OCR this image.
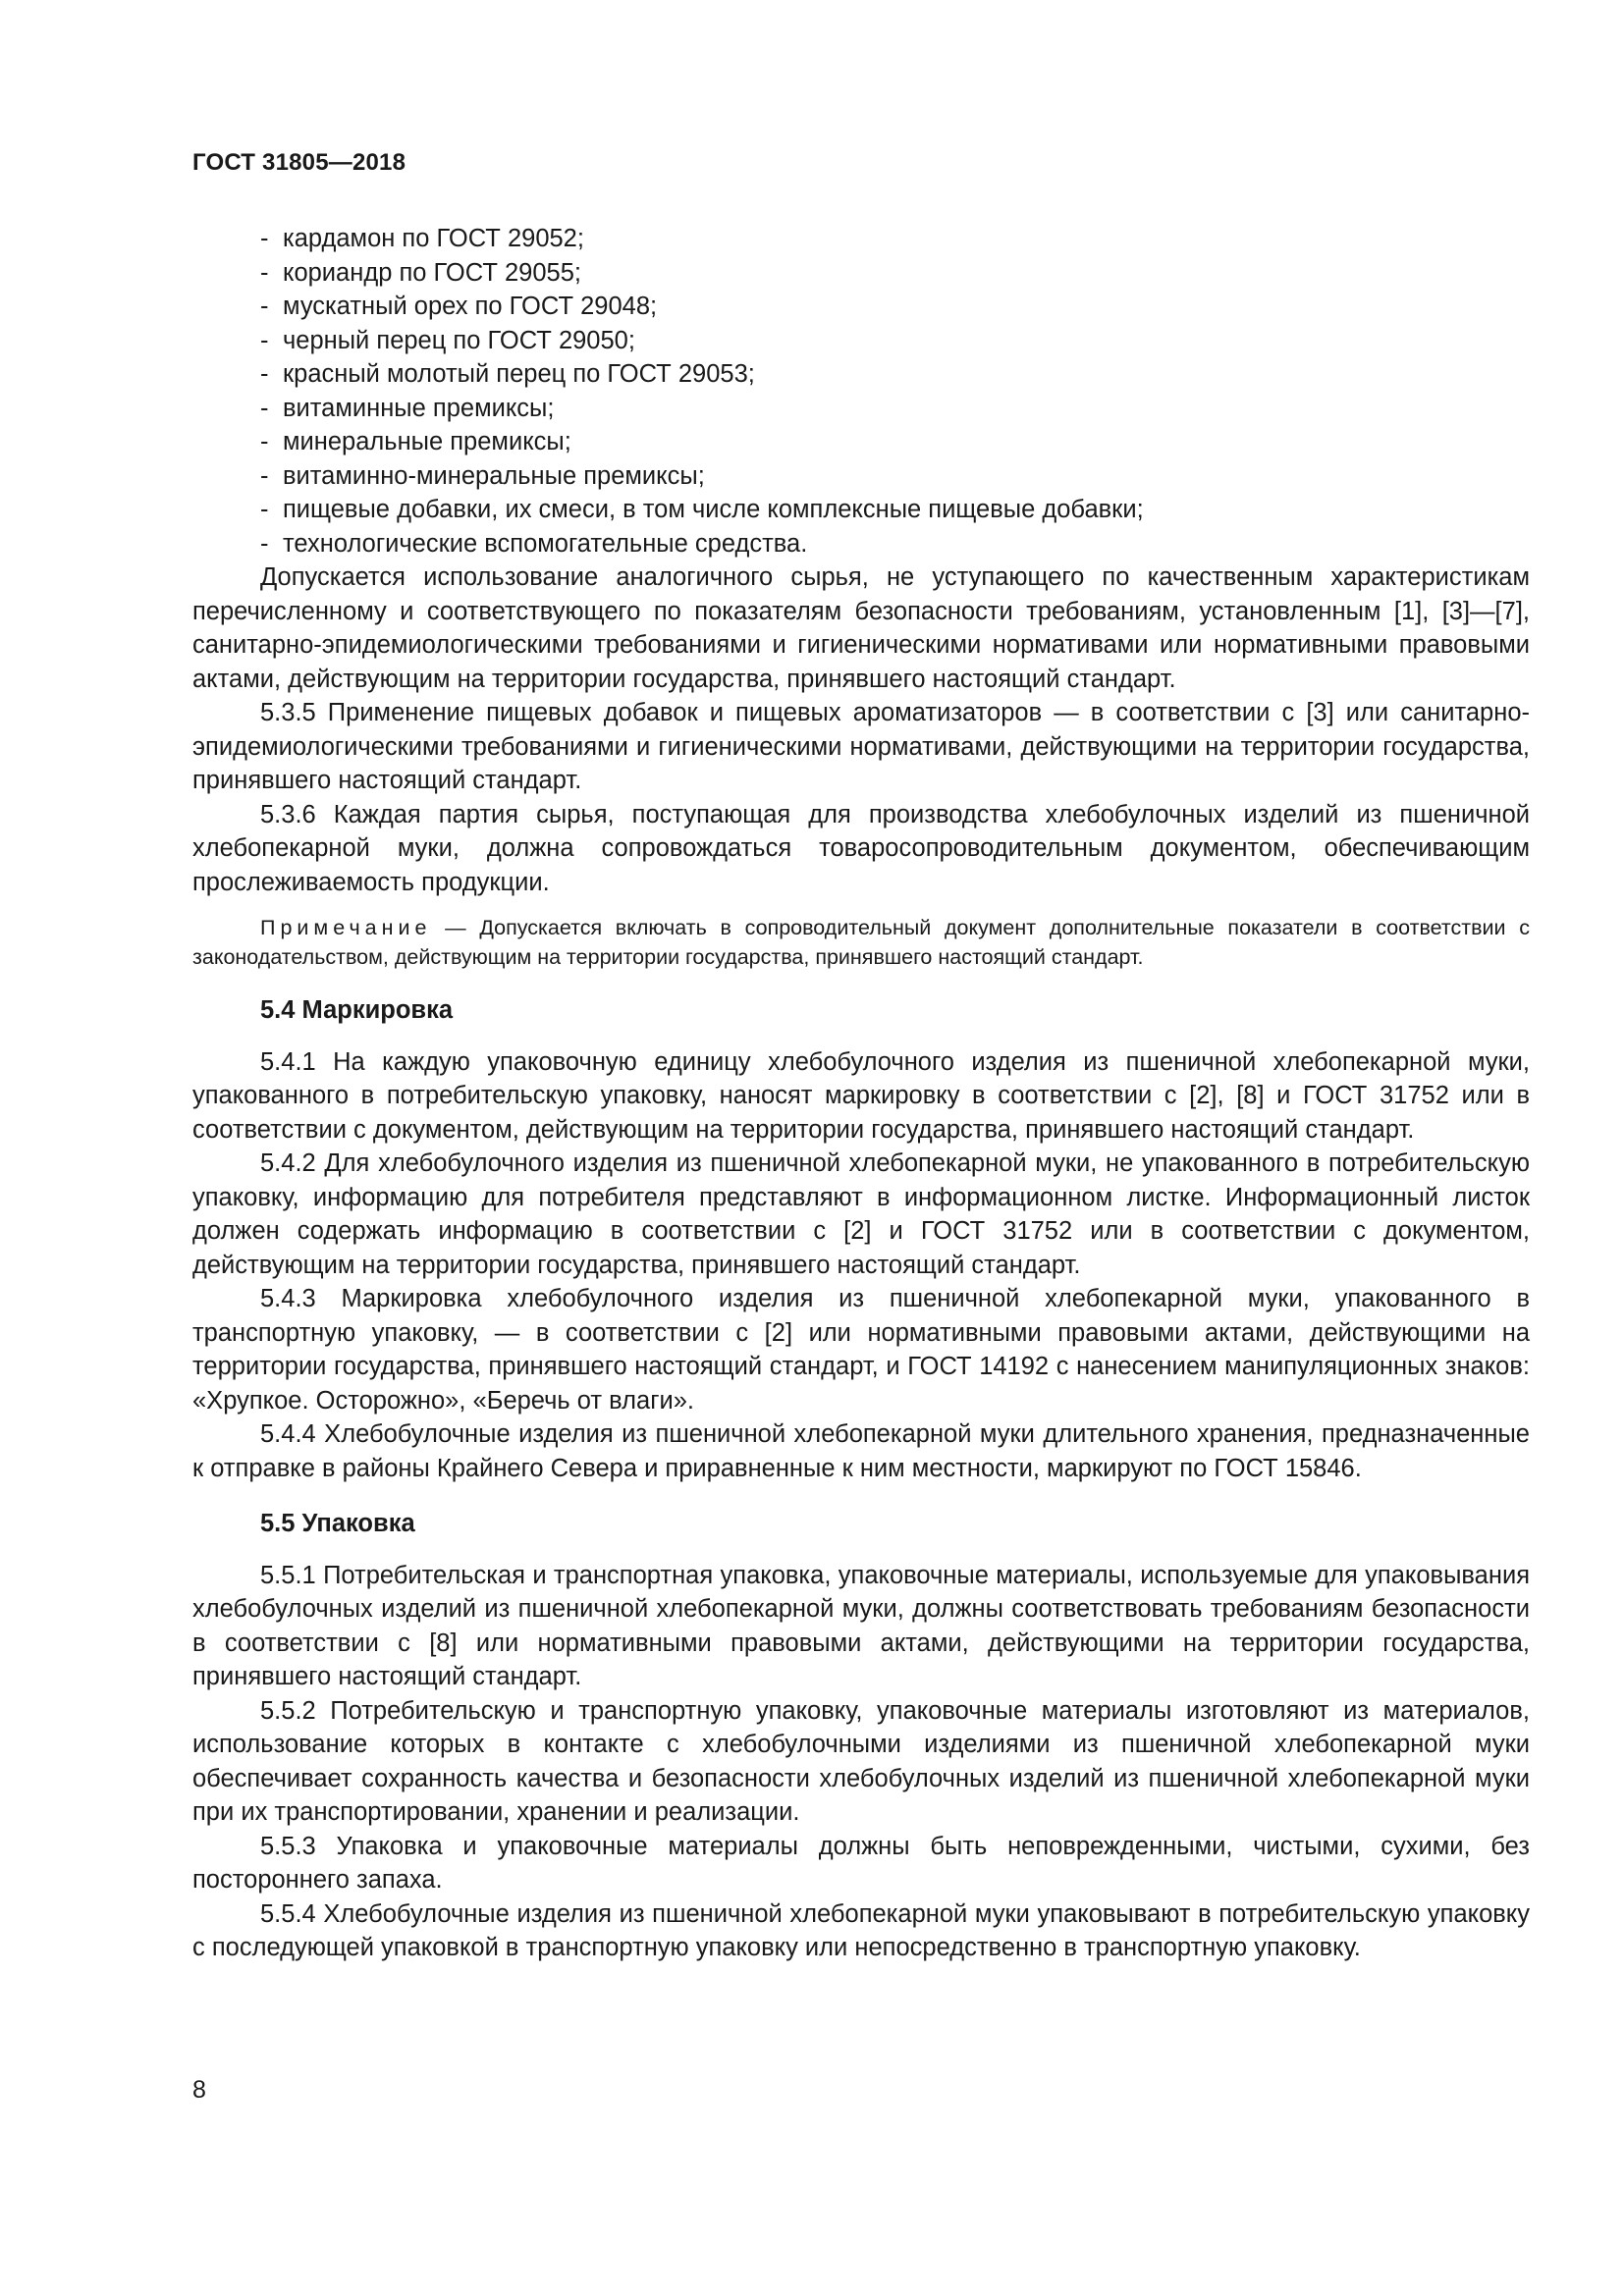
ГОСТ 31805—2018
- кардамон по ГОСТ 29052;
- кориандр по ГОСТ 29055;
- мускатный орех по ГОСТ 29048;
- черный перец по ГОСТ 29050;
- красный молотый перец по ГОСТ 29053;
- витаминные премиксы;
- минеральные премиксы;
- витаминно-минеральные премиксы;
- пищевые добавки, их смеси, в том числе комплексные пищевые добавки;
- технологические вспомогательные средства.

Допускается использование аналогичного сырья, не уступающего по качественным характеристикам перечисленному и соответствующего по показателям безопасности требованиям, установленным [1], [3]—[7], санитарно-эпидемиологическими требованиями и гигиеническими нормативами или нормативными правовыми актами, действующим на территории государства, принявшего настоящий стандарт.

5.3.5 Применение пищевых добавок и пищевых ароматизаторов — в соответствии с [3] или санитарно-эпидемиологическими требованиями и гигиеническими нормативами, действующими на территории государства, принявшего настоящий стандарт.

5.3.6 Каждая партия сырья, поступающая для производства хлебобулочных изделий из пшеничной хлебопекарной муки, должна сопровождаться товаросопроводительным документом, обеспечивающим прослеживаемость продукции.

Примечание — Допускается включать в сопроводительный документ дополнительные показатели в соответствии с законодательством, действующим на территории государства, принявшего настоящий стандарт.

5.4 Маркировка

5.4.1 На каждую упаковочную единицу хлебобулочного изделия из пшеничной хлебопекарной муки, упакованного в потребительскую упаковку, наносят маркировку в соответствии с [2], [8] и ГОСТ 31752 или в соответствии с документом, действующим на территории государства, принявшего настоящий стандарт.

5.4.2 Для хлебобулочного изделия из пшеничной хлебопекарной муки, не упакованного в потребительскую упаковку, информацию для потребителя представляют в информационном листке. Информационный листок должен содержать информацию в соответствии с [2] и ГОСТ 31752 или в соответствии с документом, действующим на территории государства, принявшего настоящий стандарт.

5.4.3 Маркировка хлебобулочного изделия из пшеничной хлебопекарной муки, упакованного в транспортную упаковку, — в соответствии с [2] или нормативными правовыми актами, действующими на территории государства, принявшего настоящий стандарт, и ГОСТ 14192 с нанесением манипуляционных знаков: «Хрупкое. Осторожно», «Беречь от влаги».

5.4.4 Хлебобулочные изделия из пшеничной хлебопекарной муки длительного хранения, предназначенные к отправке в районы Крайнего Севера и приравненные к ним местности, маркируют по ГОСТ 15846.

5.5 Упаковка

5.5.1 Потребительская и транспортная упаковка, упаковочные материалы, используемые для упаковывания хлебобулочных изделий из пшеничной хлебопекарной муки, должны соответствовать требованиям безопасности в соответствии с [8] или нормативными правовыми актами, действующими на территории государства, принявшего настоящий стандарт.

5.5.2 Потребительскую и транспортную упаковку, упаковочные материалы изготовляют из материалов, использование которых в контакте с хлебобулочными изделиями из пшеничной хлебопекарной муки обеспечивает сохранность качества и безопасности хлебобулочных изделий из пшеничной хлебопекарной муки при их транспортировании, хранении и реализации.

5.5.3 Упаковка и упаковочные материалы должны быть неповрежденными, чистыми, сухими, без постороннего запаха.

5.5.4 Хлебобулочные изделия из пшеничной хлебопекарной муки упаковывают в потребительскую упаковку с последующей упаковкой в транспортную упаковку или непосредственно в транспортную упаковку.

8
